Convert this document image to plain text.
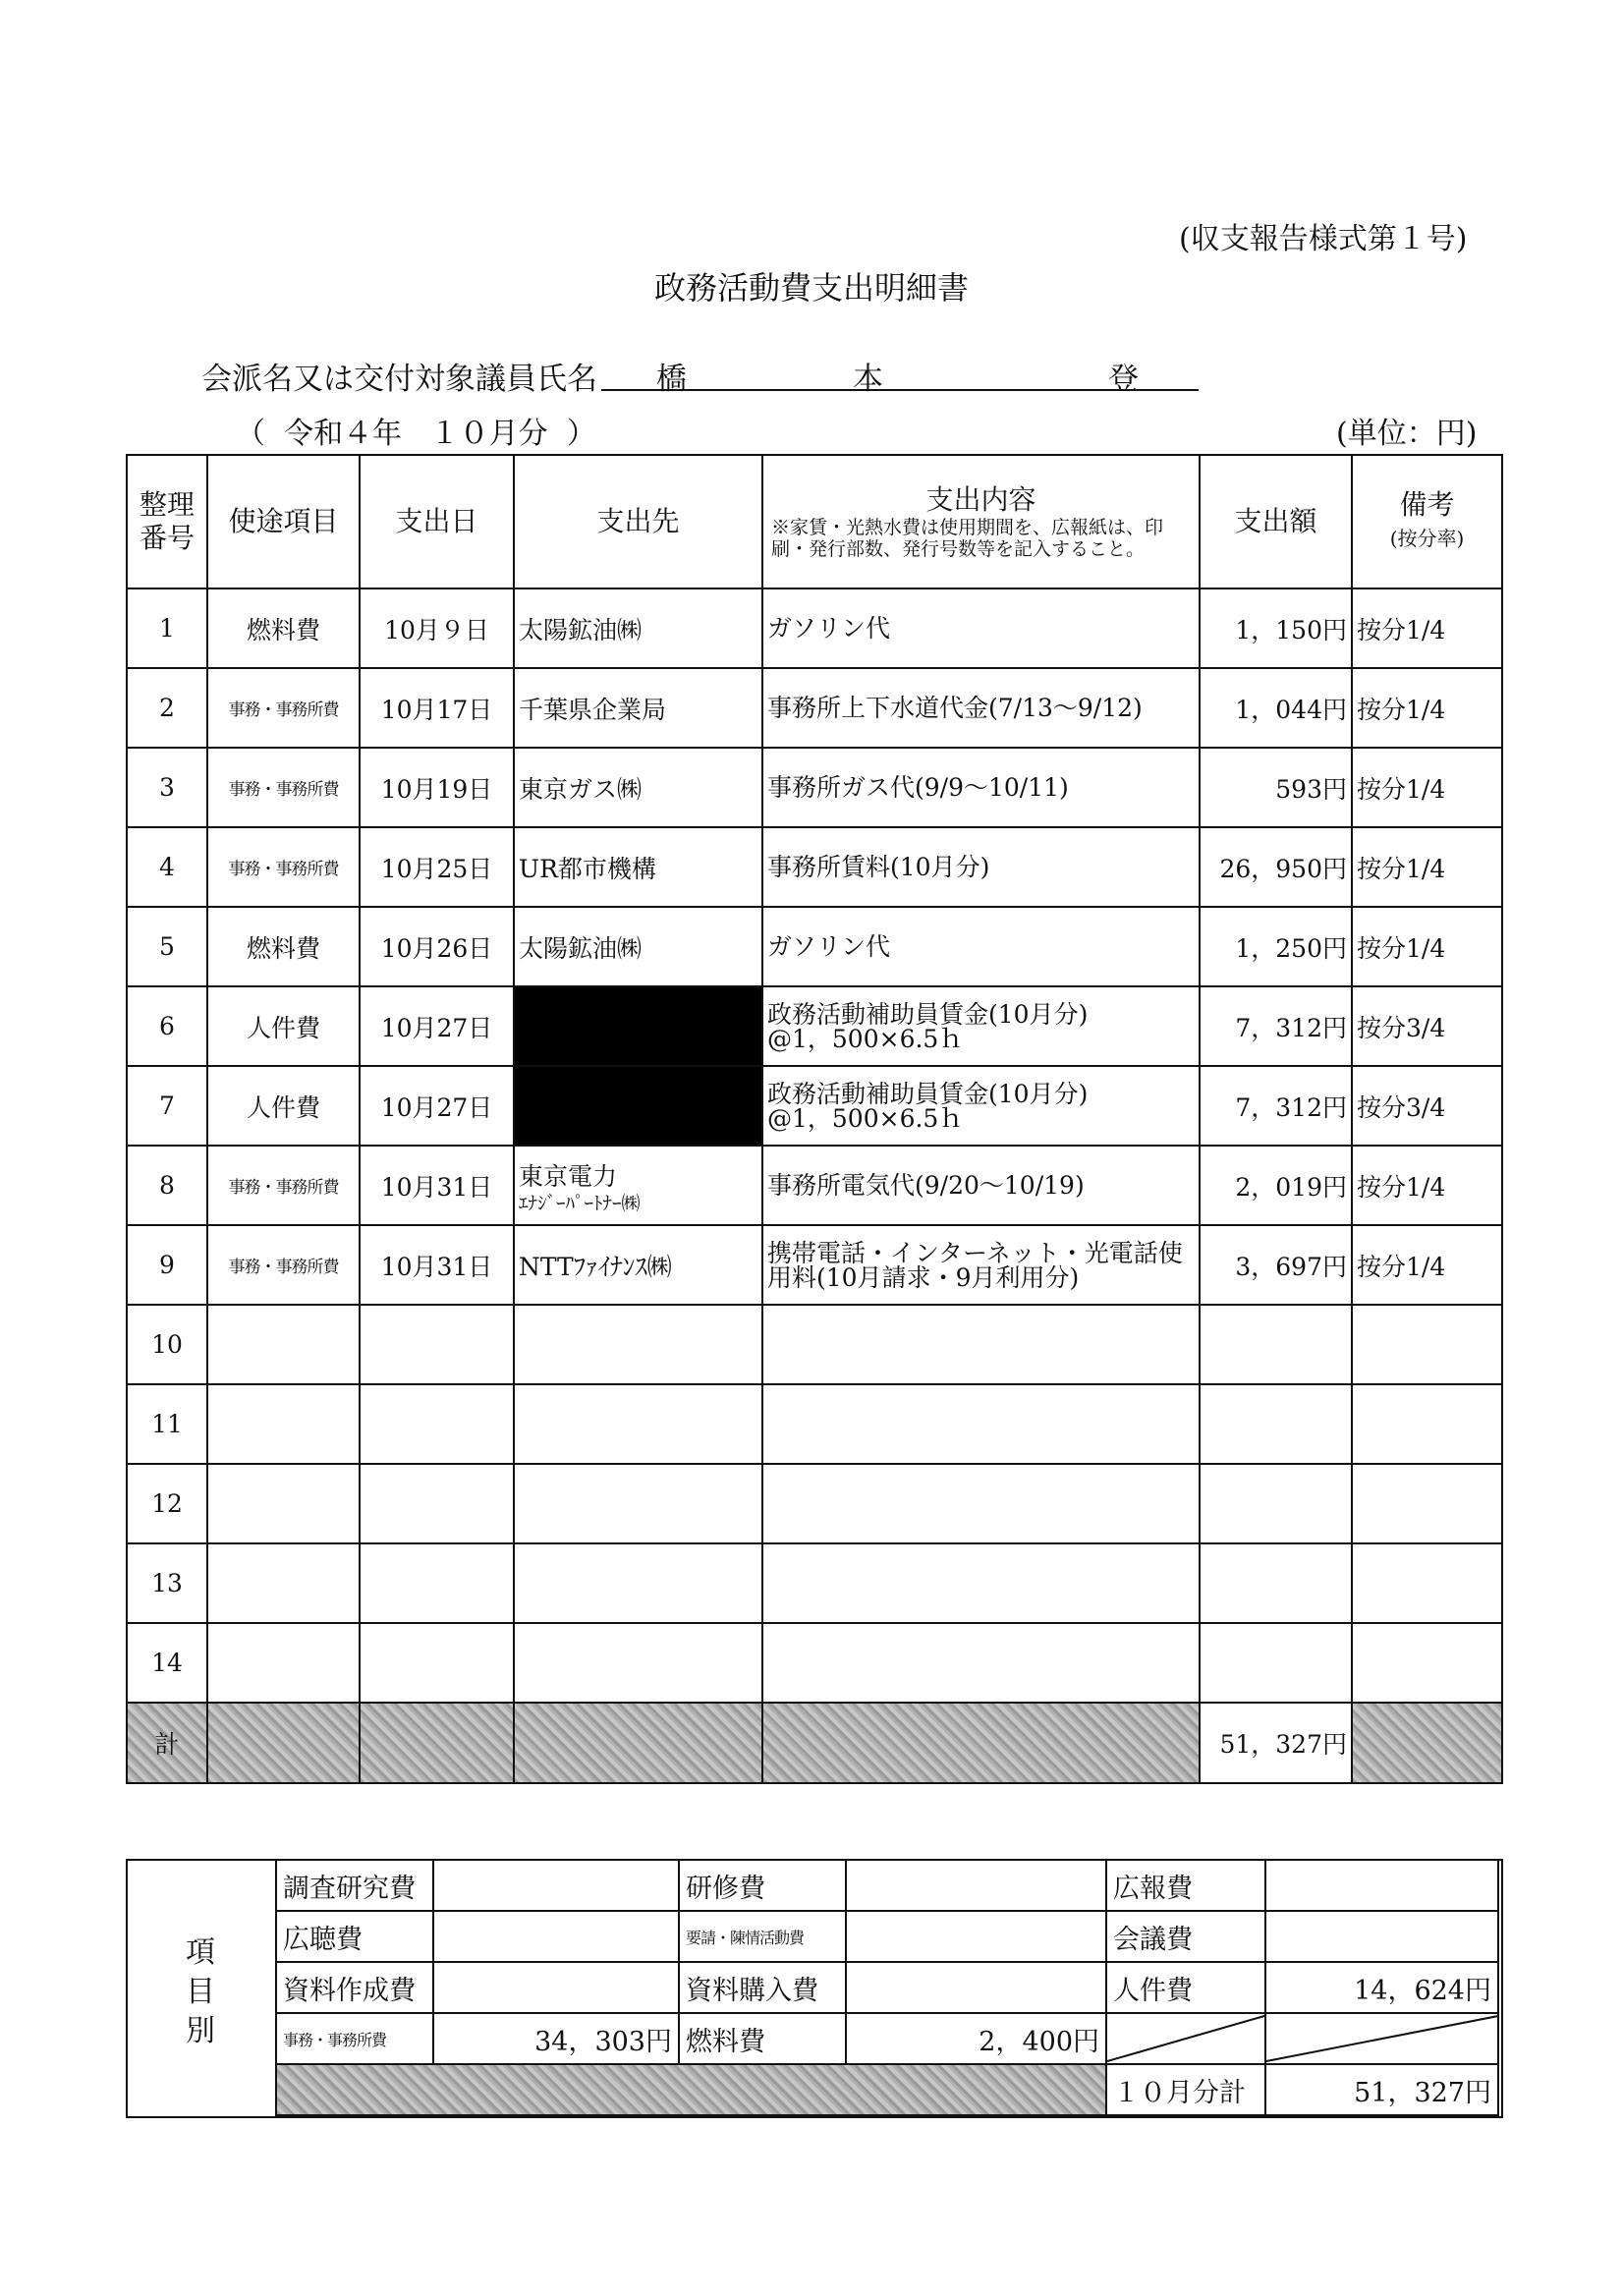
(収支報告様式第１号)
政務活動費支出明細書
会派名又は交付対象議員氏名 橋	本	登
（  令和４年   １０月分  ）	(単位：円)
整理番号	使途項目	支出日	支出先	支出内容
※家賃・光熱水費は使用期間を、広報紙は、印刷・発行部数、発行号数等を記入すること。	支出額	備考
(按分率)

1	燃料費	10月９日	太陽鉱油㈱	ガソリン代	1，150円	按分1/4
2	事務・事務所費	10月17日	千葉県企業局	事務所上下水道代金(7/13～9/12)	1，044円	按分1/4
3	事務・事務所費	10月19日	東京ガス㈱	事務所ガス代(9/9～10/11)	593円	按分1/4
4	事務・事務所費	10月25日	UR都市機構	事務所賃料(10月分)	26，950円	按分1/4
5	燃料費	10月26日	太陽鉱油㈱	ガソリン代	1，250円	按分1/4
6	人件費	10月27日		政務活動補助員賃金(10月分)
@1，500×6.5ｈ	7，312円	按分3/4
7	人件費	10月27日		政務活動補助員賃金(10月分)
@1，500×6.5ｈ	7，312円	按分3/4
8	事務・事務所費	10月31日	東京電力
ｴﾅｼﾞｰﾊﾟｰﾄﾅｰ㈱	事務所電気代(9/20～10/19)	2，019円	按分1/4
9	事務・事務所費	10月31日	NTTﾌｧｲﾅﾝｽ㈱	携帯電話・インターネット・光電話使用料(10月請求・9月利用分)	3，697円	按分1/4
10			

11			

12			

13			

14			

計					51，327円	
項
目
別
調査研究費		研修費		広報費	
広聴費		要請・陳情活動費		会議費	
資料作成費		資料購入費		人件費	14，624円
事務・事務所費	34，303円	燃料費	2，400円	

				１０月分計	51，327円
